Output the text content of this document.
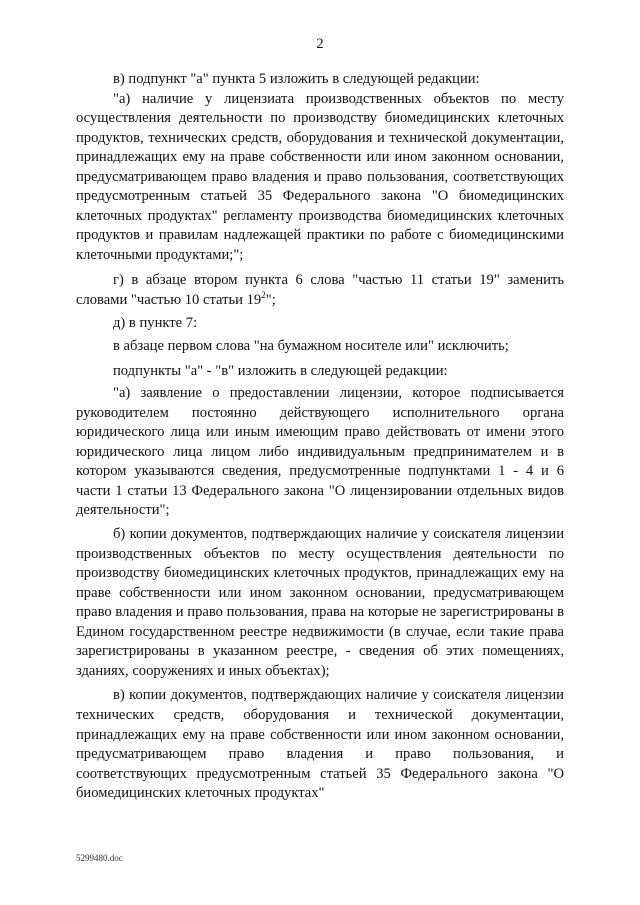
2

в) подпункт "а" пункта 5 изложить в следующей редакции:

"а) наличие у лицензиата производственных объектов по месту осуществления деятельности по производству биомедицинских клеточных продуктов, технических средств, оборудования и технической документации, принадлежащих ему на праве собственности или ином законном основании, предусматривающем право владения и право пользования, соответствующих предусмотренным статьей 35 Федерального закона "О биомедицинских клеточных продуктах" регламенту производства биомедицинских клеточных продуктов и правилам надлежащей практики по работе с биомедицинскими клеточными продуктами;";

г) в абзаце втором пункта 6 слова "частью 11 статьи 19" заменить словами "частью 10 статьи $19^2$";

д) в пункте 7:

в абзаце первом слова "на бумажном носителе или" исключить;

подпункты "а" - "в" изложить в следующей редакции:

"а) заявление о предоставлении лицензии, которое подписывается руководителем постоянно действующего исполнительного органа юридического лица или иным имеющим право действовать от имени этого юридического лица лицом либо индивидуальным предпринимателем и в котором указываются сведения, предусмотренные подпунктами 1 - 4 и 6 части 1 статьи 13 Федерального закона "О лицензировании отдельных видов деятельности";

б) копии документов, подтверждающих наличие у соискателя лицензии производственных объектов по месту осуществления деятельности по производству биомедицинских клеточных продуктов, принадлежащих ему на праве собственности или ином законном основании, предусматривающем право владения и право пользования, права на которые не зарегистрированы в Едином государственном реестре недвижимости (в случае, если такие права зарегистрированы в указанном реестре, - сведения об этих помещениях, зданиях, сооружениях и иных объектах);

в) копии документов, подтверждающих наличие у соискателя лицензии технических средств, оборудования и технической документации, принадлежащих ему на праве собственности или ином законном основании, предусматривающем право владения и право пользования, и соответствующих предусмотренным статьей 35 Федерального закона "О биомедицинских клеточных продуктах"

5299480.doc
